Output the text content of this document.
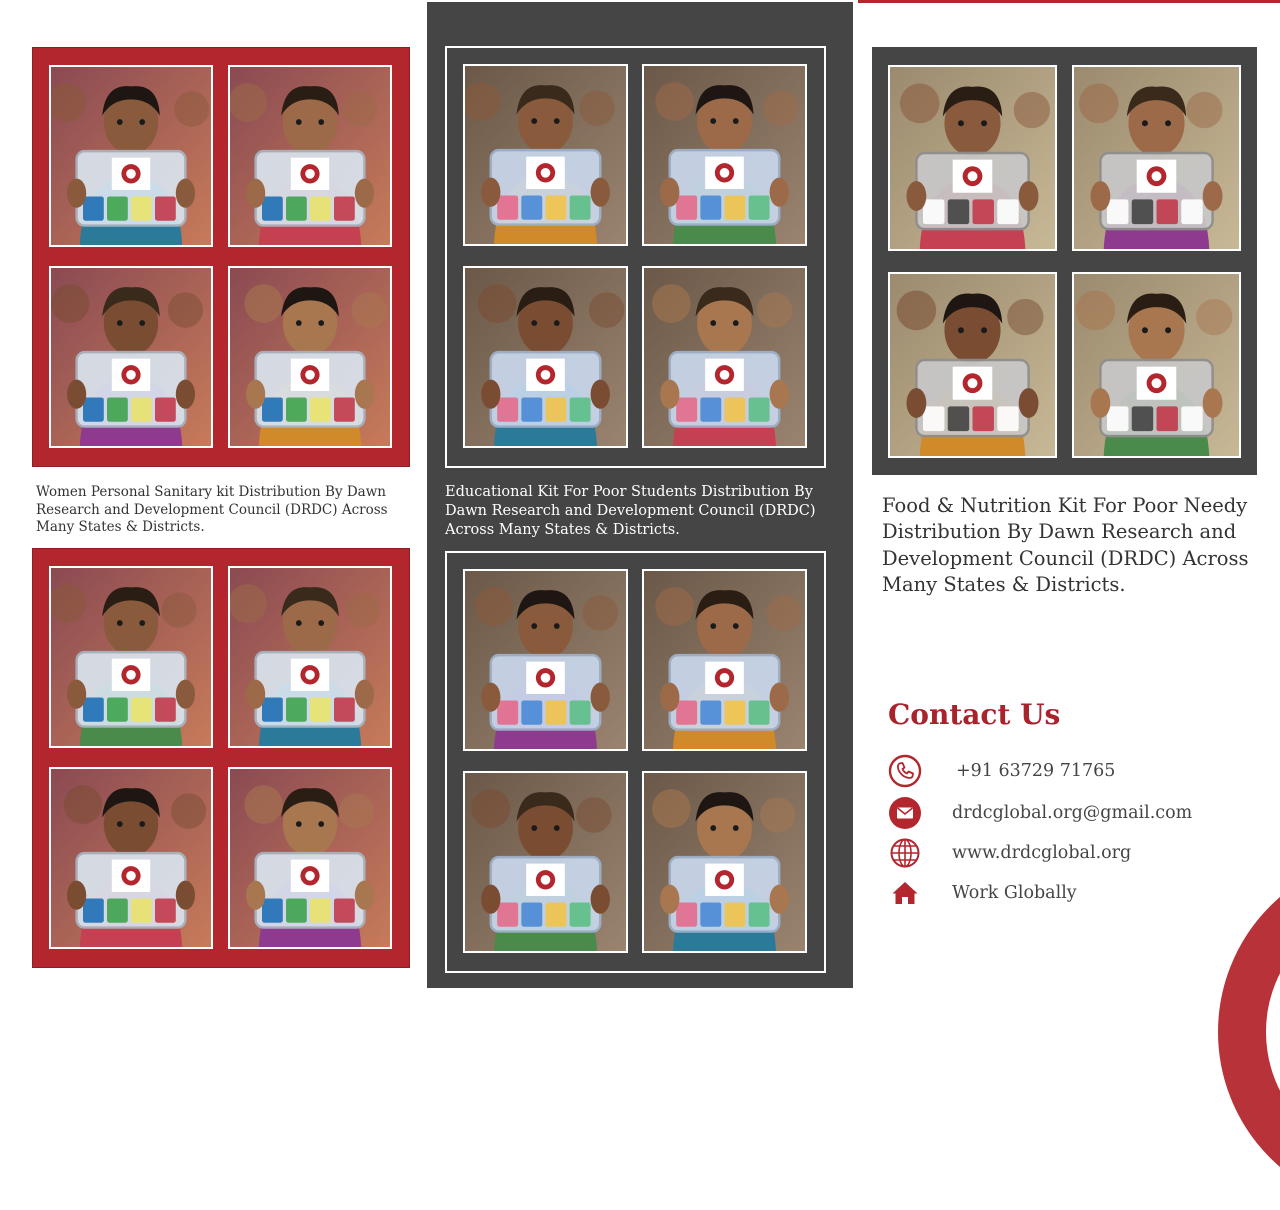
Women Personal Sanitary kit Distribution By Dawn Research and Development Council (DRDC) Across Many States & Districts.
Educational Kit For Poor Students Distribution By Dawn Research and Development Council (DRDC) Across Many States & Districts.
Food & Nutrition Kit For Poor Needy Distribution By Dawn Research and Development Council (DRDC) Across Many States & Districts.
Contact Us
+91 63729 71765
drdcglobal.org@gmail.com
www.drdcglobal.org
Work Globally
